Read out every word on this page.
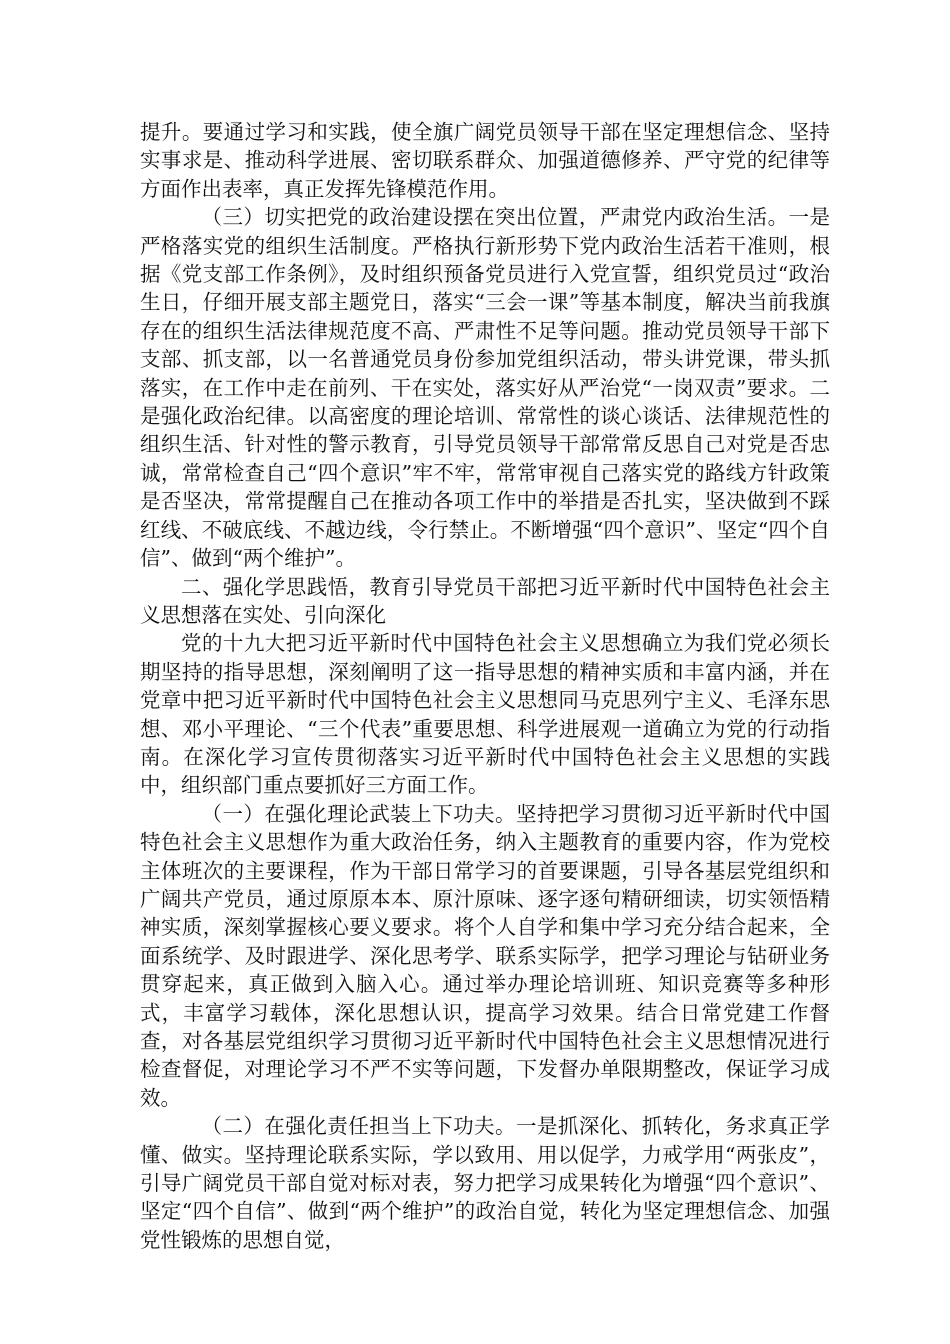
提升。要通过学习和实践，使全旗广阔党员领导干部在坚定理想信念、坚持实事求是、推动科学进展、密切联系群众、加强道德修养、严守党的纪律等方面作出表率，真正发挥先锋模范作用。

（三）切实把党的政治建设摆在突出位置，严肃党内政治生活。一是严格落实党的组织生活制度。严格执行新形势下党内政治生活若干准则，根据《党支部工作条例》，及时组织预备党员进行入党宣誓，组织党员过“政治生日，仔细开展支部主题党日，落实“三会一课”等基本制度，解决当前我旗存在的组织生活法律规范度不高、严肃性不足等问题。推动党员领导干部下支部、抓支部，以一名普通党员身份参加党组织活动，带头讲党课，带头抓落实，在工作中走在前列、干在实处，落实好从严治党“一岗双责”要求。二是强化政治纪律。以高密度的理论培训、常常性的谈心谈话、法律规范性的组织生活、针对性的警示教育，引导党员领导干部常常反思自己对党是否忠诚，常常检查自己“四个意识”牢不牢，常常审视自己落实党的路线方针政策是否坚决，常常提醒自己在推动各项工作中的举措是否扎实，坚决做到不踩红线、不破底线、不越边线，令行禁止。不断增强“四个意识”、坚定“四个自信”、做到“两个维护”。

二、强化学思践悟，教育引导党员干部把习近平新时代中国特色社会主义思想落在实处、引向深化

党的十九大把习近平新时代中国特色社会主义思想确立为我们党必须长期坚持的指导思想，深刻阐明了这一指导思想的精神实质和丰富内涵，并在党章中把习近平新时代中国特色社会主义思想同马克思列宁主义、毛泽东思想、邓小平理论、“三个代表”重要思想、科学进展观一道确立为党的行动指南。在深化学习宣传贯彻落实习近平新时代中国特色社会主义思想的实践中，组织部门重点要抓好三方面工作。

（一）在强化理论武装上下功夫。坚持把学习贯彻习近平新时代中国特色社会主义思想作为重大政治任务，纳入主题教育的重要内容，作为党校主体班次的主要课程，作为干部日常学习的首要课题，引导各基层党组织和广阔共产党员，通过原原本本、原汁原味、逐字逐句精研细读，切实领悟精神实质，深刻掌握核心要义要求。将个人自学和集中学习充分结合起来，全面系统学、及时跟进学、深化思考学、联系实际学，把学习理论与钻研业务贯穿起来，真正做到入脑入心。通过举办理论培训班、知识竞赛等多种形式，丰富学习载体，深化思想认识，提高学习效果。结合日常党建工作督查，对各基层党组织学习贯彻习近平新时代中国特色社会主义思想情况进行检查督促，对理论学习不严不实等问题，下发督办单限期整改，保证学习成效。

（二）在强化责任担当上下功夫。一是抓深化、抓转化，务求真正学懂、做实。坚持理论联系实际，学以致用、用以促学，力戒学用“两张皮”，引导广阔党员干部自觉对标对表，努力把学习成果转化为增强“四个意识”、坚定“四个自信”、做到“两个维护”的政治自觉，转化为坚定理想信念、加强党性锻炼的思想自觉，
